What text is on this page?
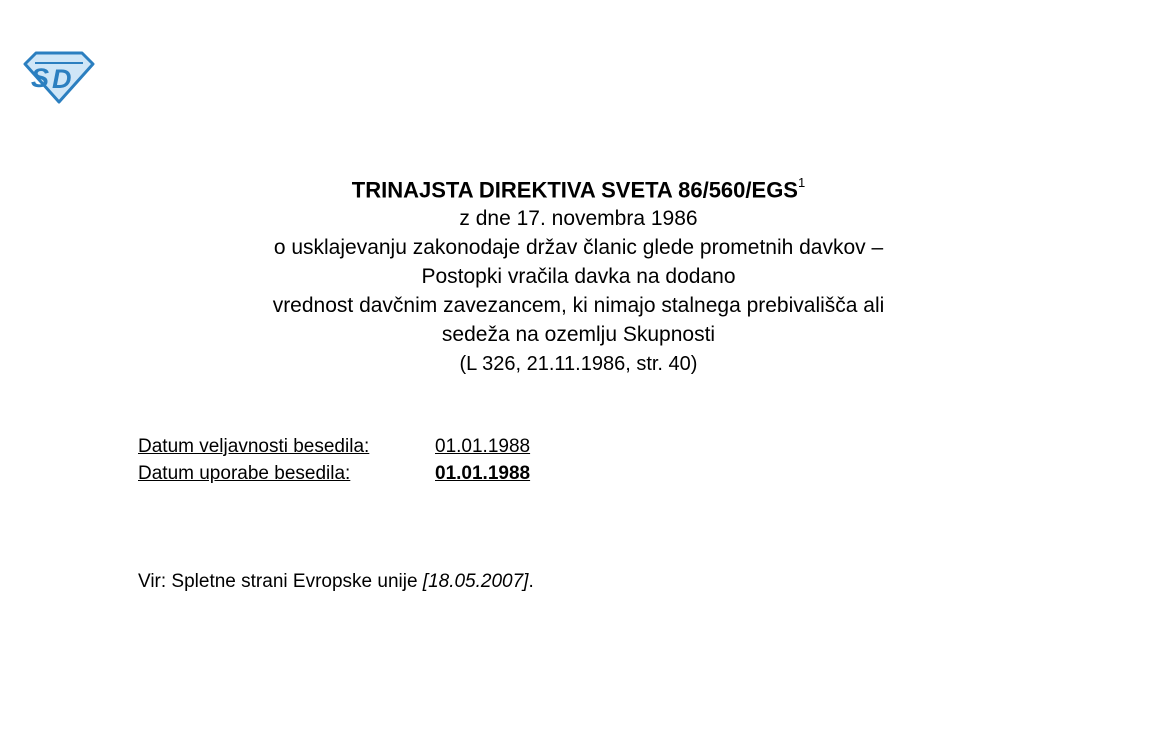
S D
TRINAJSTA DIREKTIVA SVETA 86/560/EGS$^1$
z dne 17. novembra 1986
o usklajevanju zakonodaje držav članic glede prometnih davkov –
Postopki vračila davka na dodano
vrednost davčnim zavezancem, ki nimajo stalnega prebivališča ali
sedeža na ozemlju Skupnosti
(L 326, 21.11.1986, str. 40)
Datum veljavnosti besedila:	01.01.1988
Datum uporabe besedila:	01.01.1988
Vir: Spletne strani Evropske unije [18.05.2007].
